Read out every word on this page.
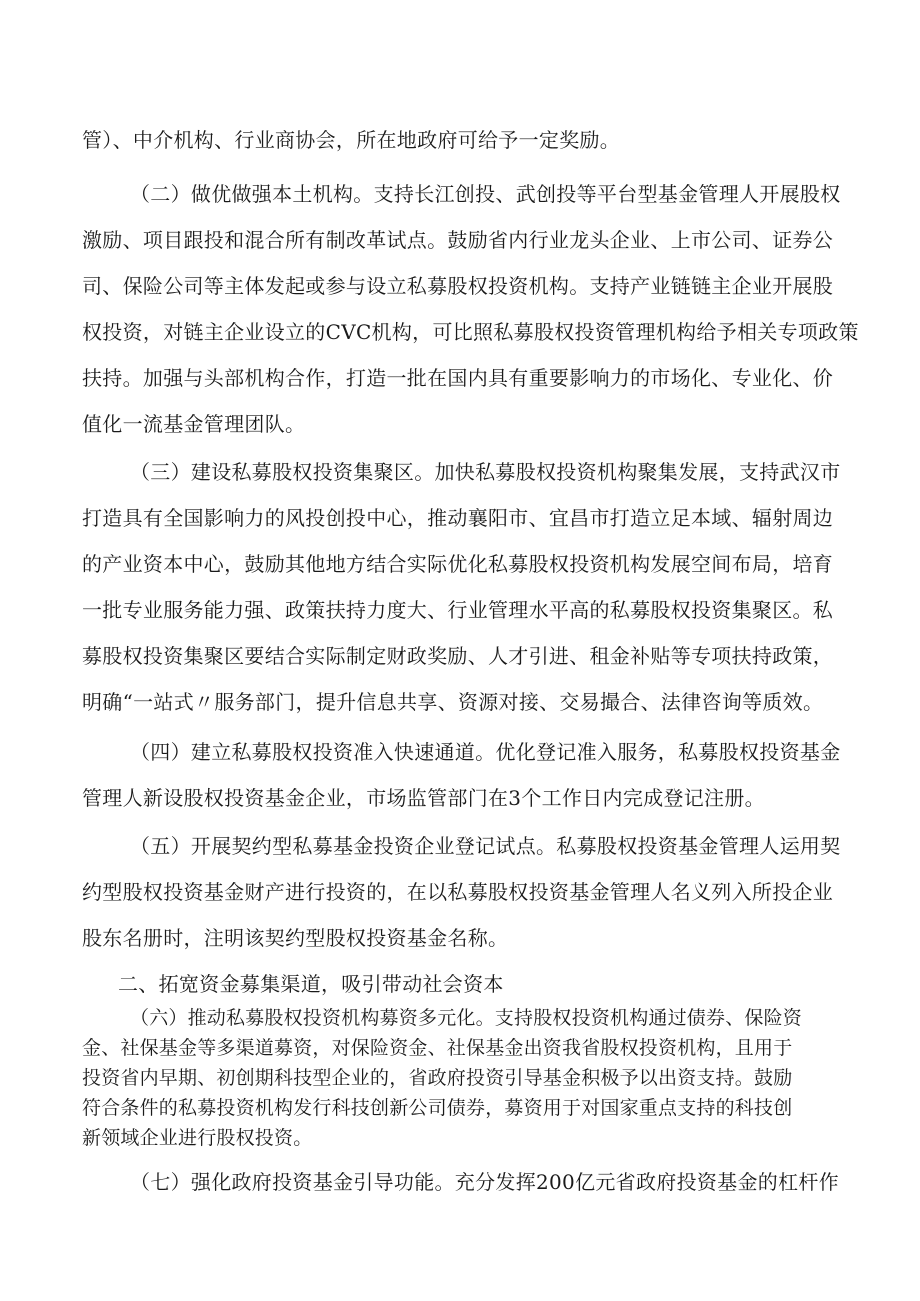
管）、中介机构、行业商协会，所在地政府可给予一定奖励。
（二）做优做强本土机构。支持长江创投、武创投等平台型基金管理人开展股权
激励、项目跟投和混合所有制改革试点。鼓励省内行业龙头企业、上市公司、证券公
司、保险公司等主体发起或参与设立私募股权投资机构。支持产业链链主企业开展股
权投资，对链主企业设立的CVC机构，可比照私募股权投资管理机构给予相关专项政策
扶持。加强与头部机构合作，打造一批在国内具有重要影响力的市场化、专业化、价
值化一流基金管理团队。
（三）建设私募股权投资集聚区。加快私募股权投资机构聚集发展，支持武汉市
打造具有全国影响力的风投创投中心，推动襄阳市、宜昌市打造立足本域、辐射周边
的产业资本中心，鼓励其他地方结合实际优化私募股权投资机构发展空间布局，培育
一批专业服务能力强、政策扶持力度大、行业管理水平高的私募股权投资集聚区。私
募股权投资集聚区要结合实际制定财政奖励、人才引进、租金补贴等专项扶持政策，
明确“一站式〃服务部门，提升信息共享、资源对接、交易撮合、法律咨询等质效。
（四）建立私募股权投资准入快速通道。优化登记准入服务，私募股权投资基金
管理人新设股权投资基金企业，市场监管部门在3个工作日内完成登记注册。
（五）开展契约型私募基金投资企业登记试点。私募股权投资基金管理人运用契
约型股权投资基金财产进行投资的，在以私募股权投资基金管理人名义列入所投企业
股东名册时，注明该契约型股权投资基金名称。
二、拓宽资金募集渠道，吸引带动社会资本
（六）推动私募股权投资机构募资多元化。支持股权投资机构通过债券、保险资
金、社保基金等多渠道募资，对保险资金、社保基金出资我省股权投资机构，且用于
投资省内早期、初创期科技型企业的，省政府投资引导基金积极予以出资支持。鼓励
符合条件的私募投资机构发行科技创新公司债券，募资用于对国家重点支持的科技创
新领域企业进行股权投资。
（七）强化政府投资基金引导功能。充分发挥200亿元省政府投资基金的杠杆作
